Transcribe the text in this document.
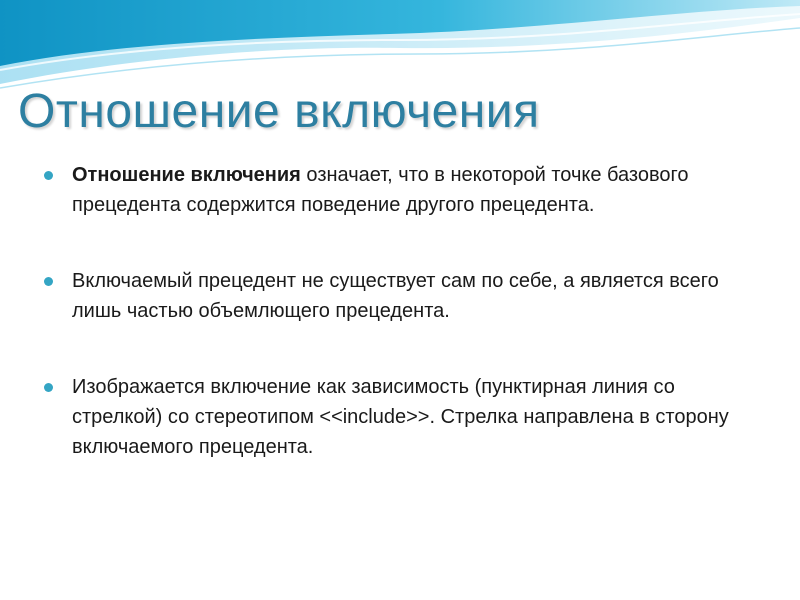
Отношение включения
Отношение включения означает, что в некоторой точке базового прецедента содержится поведение другого прецедента.
Включаемый прецедент не существует сам по себе, а является всего лишь частью объемлющего прецедента.
Изображается включение как зависимость (пунктирная линия со стрелкой) со стереотипом <<include>>. Стрелка направлена в сторону включаемого прецедента.
